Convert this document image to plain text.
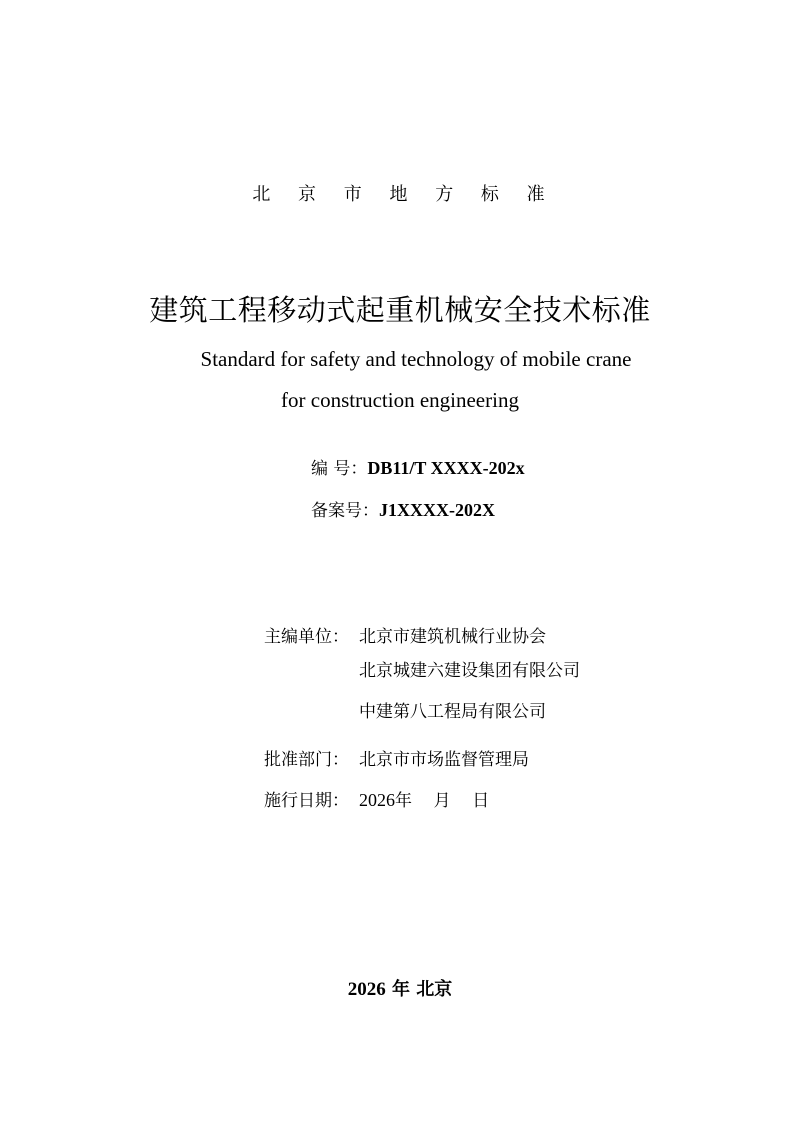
北 京 市 地 方 标 准
建筑工程移动式起重机械安全技术标准
Standard for safety and technology of mobile crane
for construction engineering
编 号：DB11/T XXXX-202x
备案号：J1XXXX-202X
主编单位： 北京市建筑机械行业协会
北京城建六建设集团有限公司
中建第八工程局有限公司
批准部门： 北京市市场监督管理局
施行日期： 2026年    月    日
2026 年 北京
